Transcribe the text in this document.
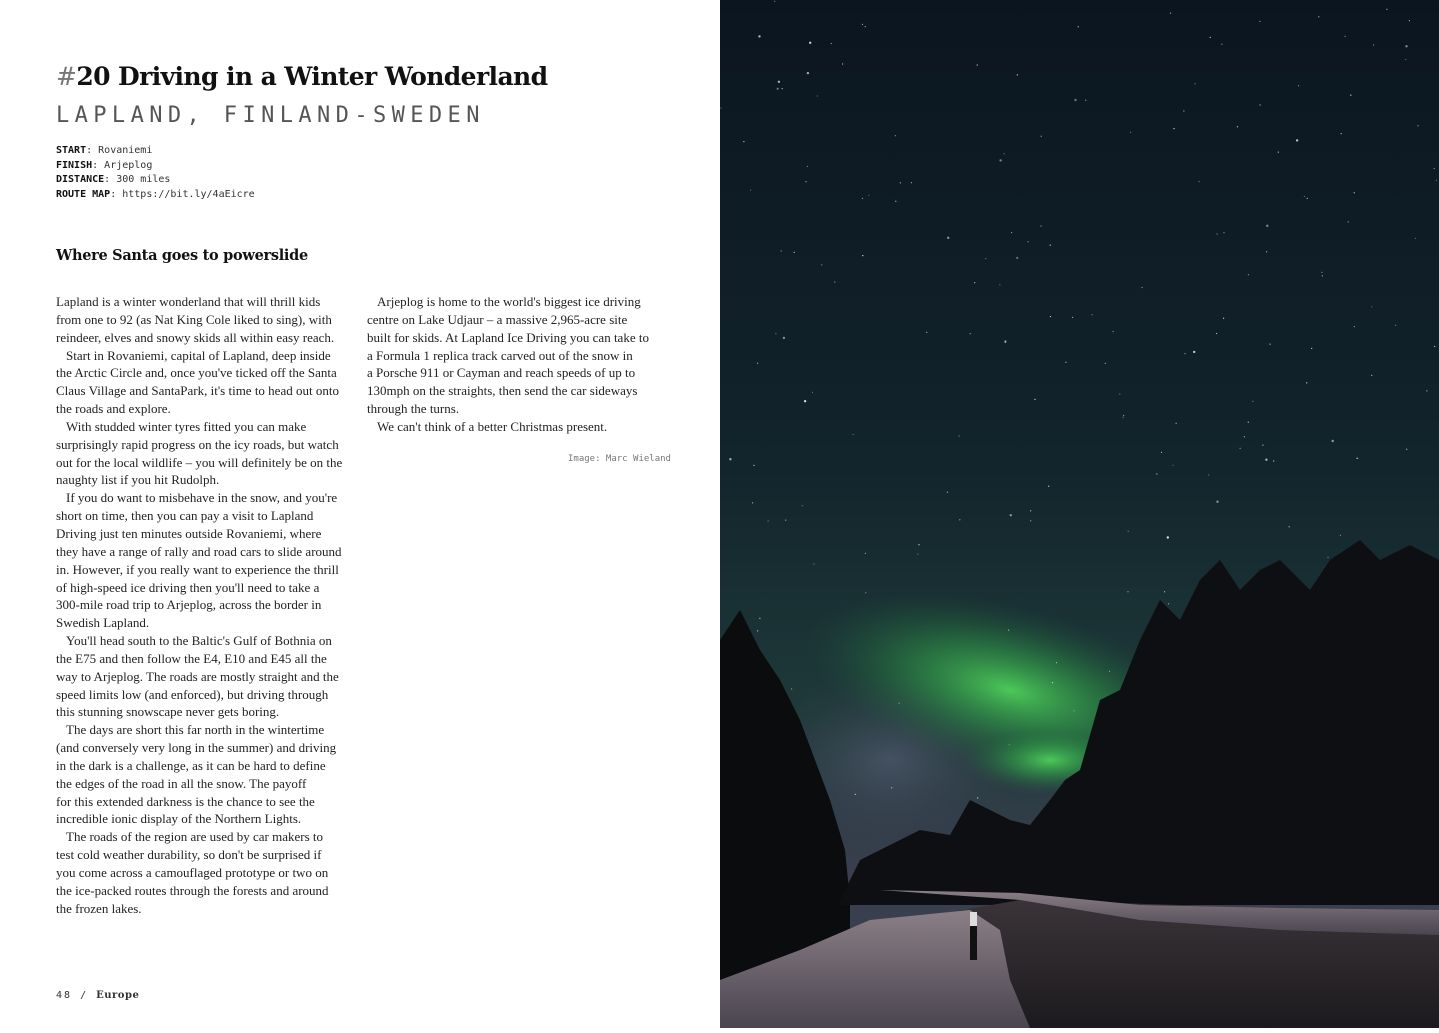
#20 Driving in a Winter Wonderland
LAPLAND, FINLAND-SWEDEN
START: Rovaniemi
FINISH: Arjeplog
DISTANCE: 300 miles
ROUTE MAP: https://bit.ly/4aEicre
Where Santa goes to powerslide
Lapland is a winter wonderland that will thrill kids
from one to 92 (as Nat King Cole liked to sing), with
reindeer, elves and snowy skids all within easy reach.
Start in Rovaniemi, capital of Lapland, deep inside
the Arctic Circle and, once you've ticked off the Santa
Claus Village and SantaPark, it's time to head out onto
the roads and explore.
With studded winter tyres fitted you can make
surprisingly rapid progress on the icy roads, but watch
out for the local wildlife – you will definitely be on the
naughty list if you hit Rudolph.
If you do want to misbehave in the snow, and you're
short on time, then you can pay a visit to Lapland
Driving just ten minutes outside Rovaniemi, where
they have a range of rally and road cars to slide around
in. However, if you really want to experience the thrill
of high-speed ice driving then you'll need to take a
300-mile road trip to Arjeplog, across the border in
Swedish Lapland.
You'll head south to the Baltic's Gulf of Bothnia on
the E75 and then follow the E4, E10 and E45 all the
way to Arjeplog. The roads are mostly straight and the
speed limits low (and enforced), but driving through
this stunning snowscape never gets boring.
The days are short this far north in the wintertime
(and conversely very long in the summer) and driving
in the dark is a challenge, as it can be hard to define
the edges of the road in all the snow. The payoff
for this extended darkness is the chance to see the
incredible ionic display of the Northern Lights.
The roads of the region are used by car makers to
test cold weather durability, so don't be surprised if
you come across a camouflaged prototype or two on
the ice-packed routes through the forests and around
the frozen lakes.
Arjeplog is home to the world's biggest ice driving
centre on Lake Udjaur – a massive 2,965-acre site
built for skids. At Lapland Ice Driving you can take to
a Formula 1 replica track carved out of the snow in
a Porsche 911 or Cayman and reach speeds of up to
130mph on the straights, then send the car sideways
through the turns.
We can't think of a better Christmas present.
Image: Marc Wieland
48 / Europe
